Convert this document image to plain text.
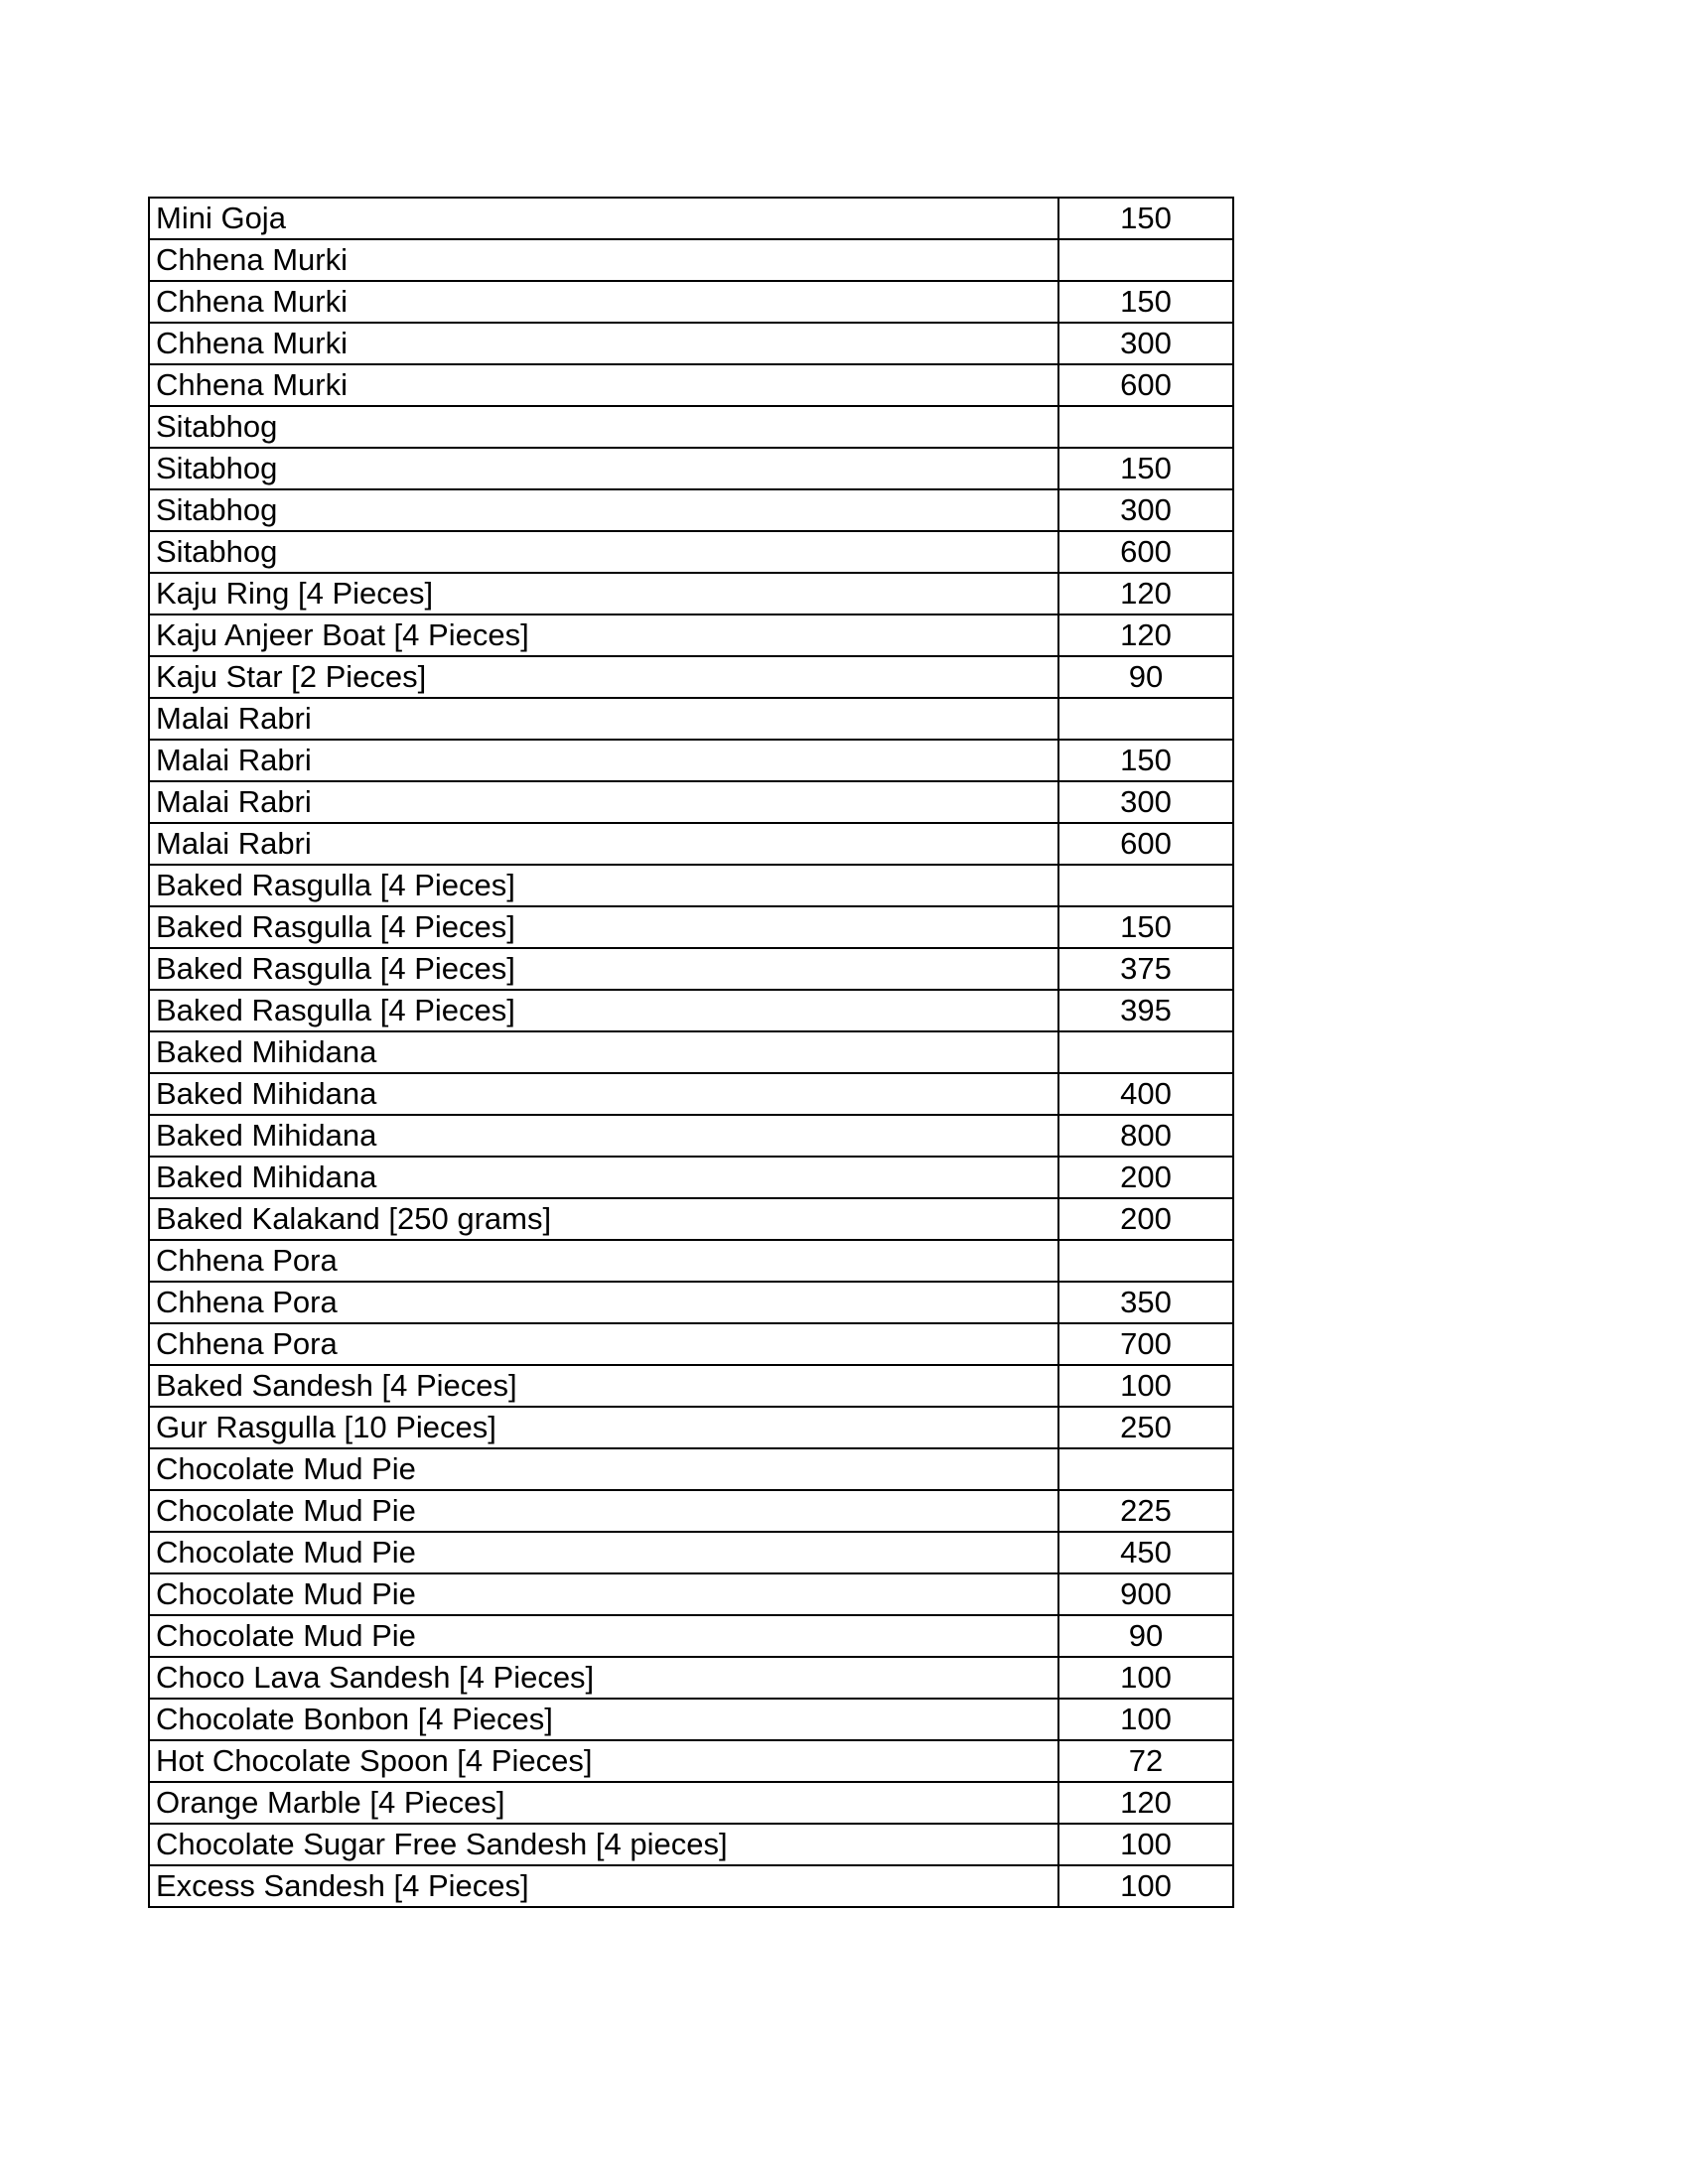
Mini Goja	150
Chhena Murki	
Chhena Murki	150
Chhena Murki	300
Chhena Murki	600
Sitabhog	
Sitabhog	150
Sitabhog	300
Sitabhog	600
Kaju Ring [4 Pieces]	120
Kaju Anjeer Boat [4 Pieces]	120
Kaju Star [2 Pieces]	90
Malai Rabri	
Malai Rabri	150
Malai Rabri	300
Malai Rabri	600
Baked Rasgulla [4 Pieces]	
Baked Rasgulla [4 Pieces]	150
Baked Rasgulla [4 Pieces]	375
Baked Rasgulla [4 Pieces]	395
Baked Mihidana	
Baked Mihidana	400
Baked Mihidana	800
Baked Mihidana	200
Baked Kalakand [250 grams]	200
Chhena Pora	
Chhena Pora	350
Chhena Pora	700
Baked Sandesh [4 Pieces]	100
Gur Rasgulla [10 Pieces]	250
Chocolate Mud Pie	
Chocolate Mud Pie	225
Chocolate Mud Pie	450
Chocolate Mud Pie	900
Chocolate Mud Pie	90
Choco Lava Sandesh [4 Pieces]	100
Chocolate Bonbon [4 Pieces]	100
Hot Chocolate Spoon [4 Pieces]	72
Orange Marble [4 Pieces]	120
Chocolate Sugar Free Sandesh [4 pieces]	100
Excess Sandesh [4 Pieces]	100
